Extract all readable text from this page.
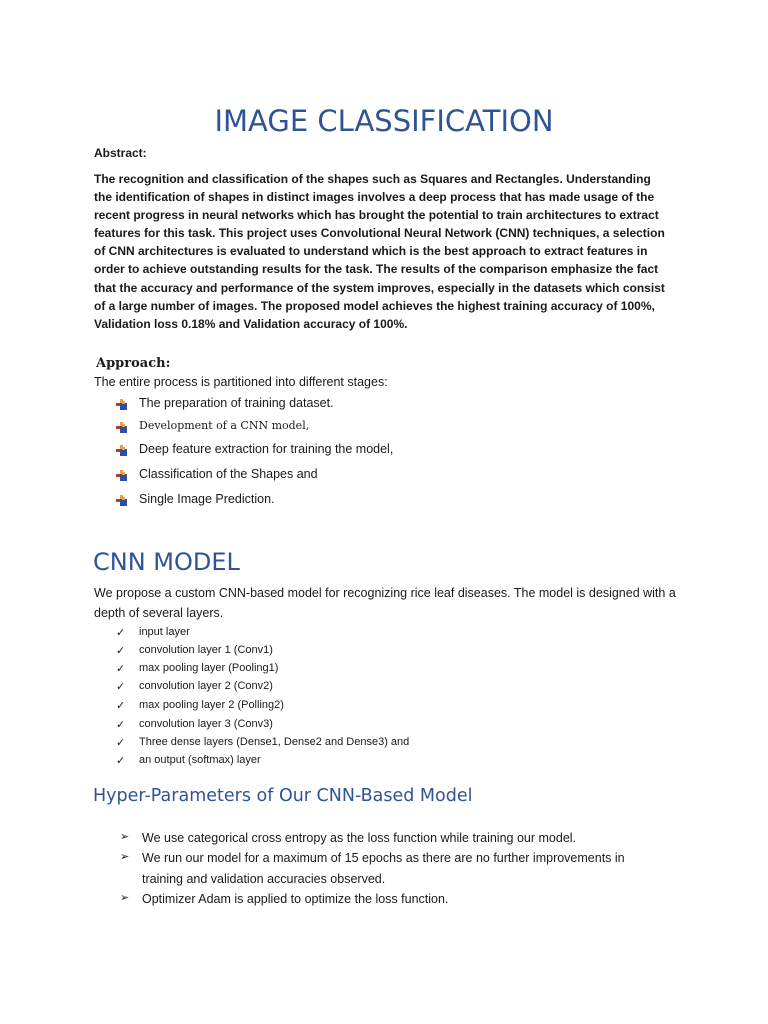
IMAGE CLASSIFICATION

Abstract:

The recognition and classification of the shapes such as Squares and Rectangles. Understanding the identification of shapes in distinct images involves a deep process that has made usage of the recent progress in neural networks which has brought the potential to train architectures to extract features for this task. This project uses Convolutional Neural Network (CNN) techniques, a selection of CNN architectures is evaluated to understand which is the best approach to extract features in order to achieve outstanding results for the task. The results of the comparison emphasize the fact that the accuracy and performance of the system improves, especially in the datasets which consist of a large number of images. The proposed model achieves the highest training accuracy of 100%, Validation loss 0.18% and Validation accuracy of 100%.

Approach:

The entire process is partitioned into different stages:

The preparation of training dataset.
Development of a CNN model,
Deep feature extraction for training the model,
Classification of the Shapes and
Single Image Prediction.
CNN MODEL

We propose a custom CNN-based model for recognizing rice leaf diseases. The model is designed with a depth of several layers.

✓ input layer
✓ convolution layer 1 (Conv1)
✓ max pooling layer (Pooling1)
✓ convolution layer 2 (Conv2)
✓ max pooling layer 2 (Polling2)
✓ convolution layer 3 (Conv3)
✓ Three dense layers (Dense1, Dense2 and Dense3) and
✓ an output (softmax) layer
Hyper-Parameters of Our CNN-Based Model
➢ We use categorical cross entropy as the loss function while training our model.
➢ We run our model for a maximum of 15 epochs as there are no further improvements in training and validation accuracies observed.
➢ Optimizer Adam is applied to optimize the loss function.
